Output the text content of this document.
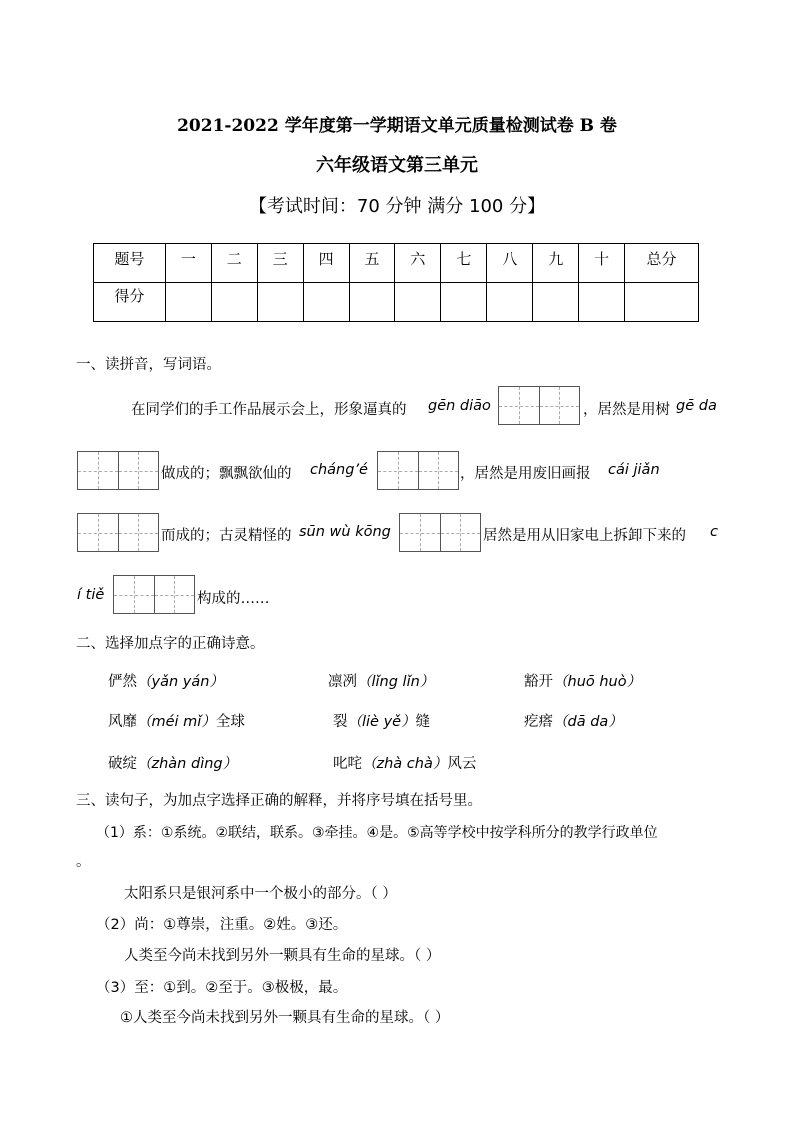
2021-2022 学年度第一学期语文单元质量检测试卷 B 卷
六年级语文第三单元
【考试时间：70 分钟 满分 100 分】
题号	一	二	三	四	五	六	七	八	九	十	总分
得分											
一、读拼音，写词语。
在同学们的手工作品展示会上，形象逼真的 gēn diāo	，居然是用树 gē da
做成的；飘飘欲仙的 cháng’é	，居然是用废旧画报 cái jiǎn
而成的；古灵精怪的 sūn wù kōng	居然是用从旧家电上拆卸下来的 c
í tiě	构成的……
二、选择加点字的正确诗意。
俨然（yǎn yán）	凛冽（lǐng lǐn）	豁开（huō huò）
风靡（méi mǐ）全球	裂（liè yě）缝	疙瘩（dā da）
破绽（zhàn dìng）	叱咤（zhà chà）风云
三、读句子，为加点字选择正确的解释，并将序号填在括号里。
（1）系：①系统。②联结，联系。③牵挂。④是。⑤高等学校中按学科所分的教学行政单位
。
太阳系只是银河系中一个极小的部分。（ ）
（2）尚：①尊崇，注重。②姓。③还。
人类至今尚未找到另外一颗具有生命的星球。（ ）
（3）至：①到。②至于。③极极，最。
①人类至今尚未找到另外一颗具有生命的星球。（ ）
